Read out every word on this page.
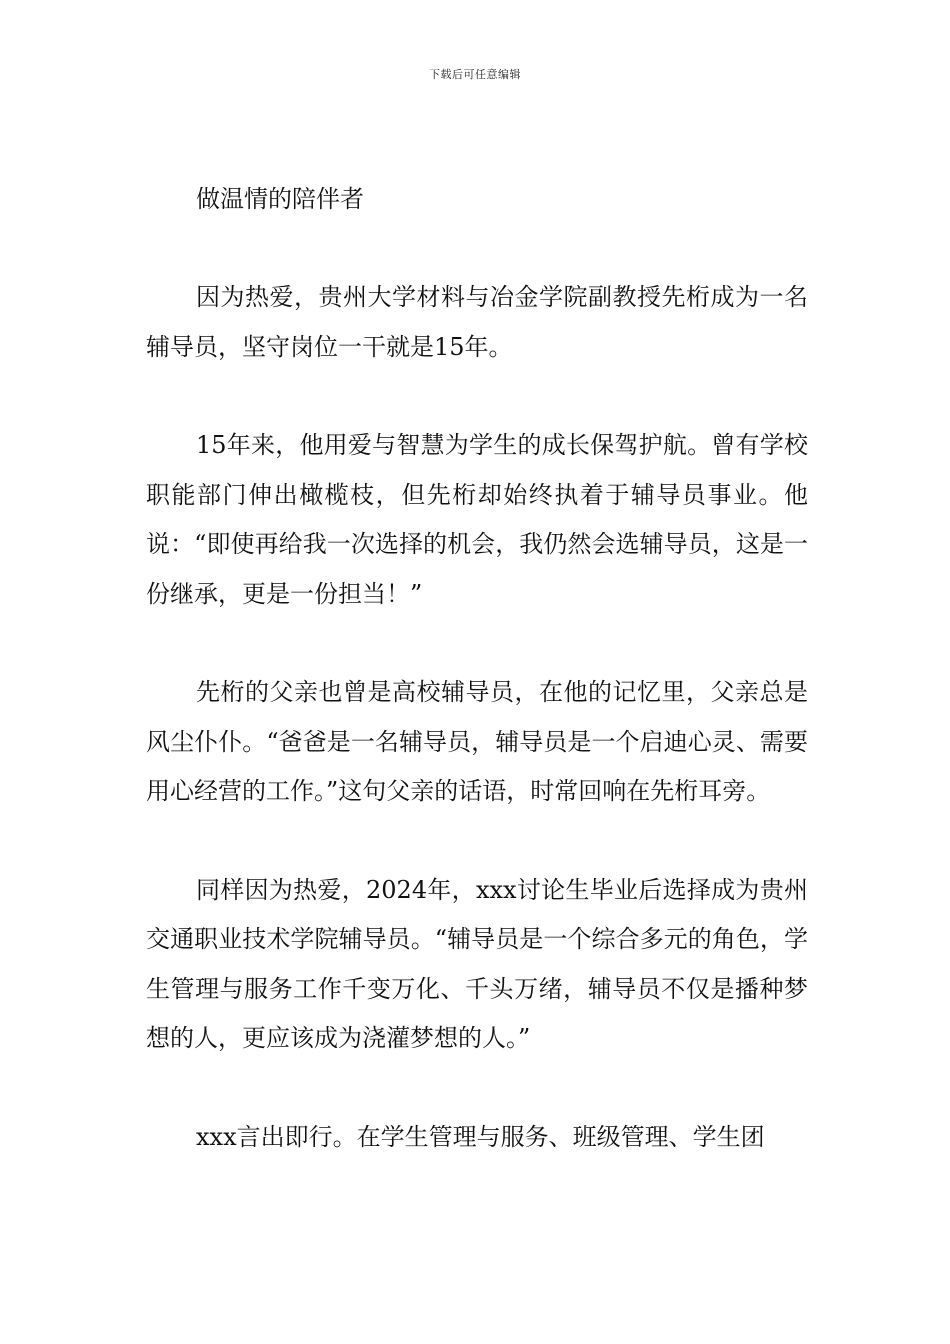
下载后可任意编辑
做温情的陪伴者

因为热爱，贵州大学材料与冶金学院副教授先桁成为一名辅导员，坚守岗位一干就是15年。

15年来，他用爱与智慧为学生的成长保驾护航。曾有学校职能部门伸出橄榄枝，但先桁却始终执着于辅导员事业。他说：“即使再给我一次选择的机会，我仍然会选辅导员，这是一份继承，更是一份担当！”

先桁的父亲也曾是高校辅导员，在他的记忆里，父亲总是风尘仆仆。“爸爸是一名辅导员，辅导员是一个启迪心灵、需要用心经营的工作。”这句父亲的话语，时常回响在先桁耳旁。

同样因为热爱，2024年，xxx讨论生毕业后选择成为贵州交通职业技术学院辅导员。“辅导员是一个综合多元的角色，学生管理与服务工作千变万化、千头万绪，辅导员不仅是播种梦想的人，更应该成为浇灌梦想的人。”

xxx言出即行。在学生管理与服务、班级管理、学生团
